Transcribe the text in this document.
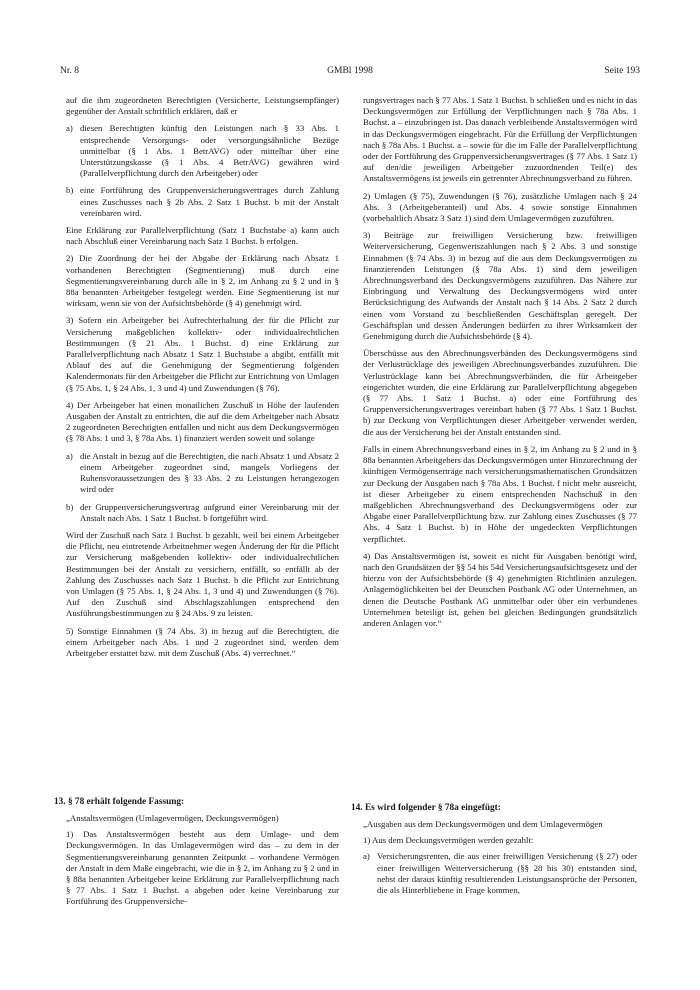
Nr. 8	GMBl 1998	Seite 193

auf die ihm zugeordneten Berechtigten (Versicherte, Leistungsempfänger) gegenüber der Anstalt schriftlich erklären, daß er

a) diesen Berechtigten künftig den Leistungen nach § 33 Abs. 1 entsprechende Versorgungs- oder versorgungsähnliche Bezüge unmittelbar (§ 1 Abs. 1 BetrAVG) oder mittelbar über eine Unterstützungskasse (§ 1 Abs. 4 BetrAVG) gewähren wird (Parallelverpflichtung durch den Arbeitgeber) oder
b) eine Fortführung des Gruppenversicherungsvertrages durch Zahlung eines Zuschusses nach § 2b Abs. 2 Satz 1 Buchst. b mit der Anstalt vereinbaren wird.

Eine Erklärung zur Parallelverpflichtung (Satz 1 Buchstabe a) kann auch nach Abschluß einer Vereinbarung nach Satz 1 Buchst. b erfolgen.

2) Die Zuordnung der bei der Abgabe der Erklärung nach Absatz 1 vorhandenen Berechtigten (Segmentierung) muß durch eine Segmentierungsvereinbarung durch alle in § 2, im Anhang zu § 2 und in § 88a benannten Arbeitgeber festgelegt werden. Eine Segmentierung ist nur wirksam, wenn sie von der Aufsichtsbehörde (§ 4) genehmigt wird.

3) Sofern ein Arbeitgeber bei Aufrechterhaltung der für die Pflicht zur Versicherung maßgeblichen kollektiv- oder individualrechtlichen Bestimmungen (§ 21 Abs. 1 Buchst. d) eine Erklärung zur Parallelverpflichtung nach Absatz 1 Satz 1 Buchstabe a abgibt, entfällt mit Ablauf des auf die Genehmigung der Segmentierung folgenden Kalendermonats für den Arbeitgeber die Pflicht zur Entrichtung von Umlagen (§ 75 Abs. 1, § 24 Abs. 1, 3 und 4) und Zuwendungen (§ 76).

4) Der Arbeitgeber hat einen monatlichen Zuschuß in Höhe der laufenden Ausgaben der Anstalt zu entrichten, die auf die dem Arbeitgeber nach Absatz 2 zugeordneten Berechtigten entfallen und nicht aus dem Deckungsvermögen (§ 78 Abs. 1 und 3, § 78a Abs. 1) finanziert werden soweit und solange

a) die Anstalt in bezug auf die Berechtigten, die nach Absatz 1 und Absatz 2 einem Arbeitgeber zugeordnet sind, mangels Vorliegens der Ruhensvoraussetzungen des § 33 Abs. 2 zu Leistungen herangezogen wird oder
b) der Gruppenversicherungsvertrag aufgrund einer Vereinbarung mit der Anstalt nach Abs. 1 Satz 1 Buchst. b fortgeführt wird.

Wird der Zuschuß nach Satz 1 Buchst. b gezahlt, weil bei einem Arbeitgeber die Pflicht, neu eintretende Arbeitnehmer wegen Änderung der für die Pflicht zur Versicherung maßgebenden kollektiv- oder individualrechtlichen Bestimmungen bei der Anstalt zu versichern, entfällt, so entfällt ab der Zahlung des Zuschusses nach Satz 1 Buchst. b die Pflicht zur Entrichtung von Umlagen (§ 75 Abs. 1, § 24 Abs. 1, 3 und 4) und Zuwendungen (§ 76). Auf den Zuschuß sind Abschlagszahlungen entsprechend den Ausführungsbestimmungen zu § 24 Abs. 9 zu leisten.

5) Sonstige Einnahmen (§ 74 Abs. 3) in bezug auf die Berechtigten, die einem Arbeitgeber nach Abs. 1 und 2 zugeordnet sind, werden dem Arbeitgeber erstattet bzw. mit dem Zuschuß (Abs. 4) verrechnet.“

rungsvertrages nach § 77 Abs. 1 Satz 1 Buchst. b schließen und es nicht in das Deckungsvermögen zur Erfüllung der Verpflichtungen nach § 78a Abs. 1 Buchst. a – einzubringen ist. Das danach verbleibende Anstaltsvermögen wird in das Deckungsvermögen eingebracht. Für die Erfüllung der Verpflichtungen nach § 78a Abs. 1 Buchst. a – sowie für die im Falle der Parallelverpflichtung oder der Fortführung des Gruppenversicherungsvertrages (§ 77 Abs. 1 Satz 1) auf den/die jeweiligen Arbeitgeber zuzuordnenden Teil(e) des Anstaltsvermögens ist jeweils ein getrennter Abrechnungsverband zu führen.

2) Umlagen (§ 75), Zuwendungen (§ 76), zusätzliche Umlagen nach § 24 Abs. 3 (Arbeitgeberanteil) und Abs. 4 sowie sonstige Einnahmen (vorbehaltlich Absatz 3 Satz 1) sind dem Umlagevermögen zuzuführen.

3) Beiträge zur freiwilligen Versicherung bzw. freiwilligen Weiterversicherung, Gegenwertszahlungen nach § 2 Abs. 3 und sonstige Einnahmen (§ 74 Abs. 3) in bezug auf die aus dem Deckungsvermögen zu finanzierenden Leistungen (§ 78a Abs. 1) sind dem jeweiligen Abrechnungsverband des Deckungsvermögens zuzuführen. Das Nähere zur Einbringung und Verwaltung des Deckungsvermögens wird unter Berücksichtigung des Aufwands der Anstalt nach § 14 Abs. 2 Satz 2 durch einen vom Vorstand zu beschließenden Geschäftsplan geregelt. Der Geschäftsplan und dessen Änderungen bedürfen zu ihrer Wirksamkeit der Genehmigung durch die Aufsichtsbehörde (§ 4).

Überschüsse aus den Abrechnungsverbänden des Deckungsvermögens sind der Verlustrücklage des jeweiligen Abrechnungsverbandes zuzuführen. Die Verlustrücklage kann bei Abrechnungsverbänden, die für Arbeitgeber eingerichtet wurden, die eine Erklärung zur Parallelverpflichtung abgegeben (§ 77 Abs. 1 Satz 1 Buchst. a) oder eine Fortführung des Gruppenversicherungsvertrages vereinbart haben (§ 77 Abs. 1 Satz 1 Buchst. b) zur Deckung von Verpflichtungen dieser Arbeitgeber verwendet werden, die aus der Versicherung bei der Anstalt entstanden sind.

Falls in einem Abrechnungsverband eines in § 2, im Anhang zu § 2 und in § 88a benannten Arbeitgebers das Deckungsvermögen unter Hinzurechnung der künftigen Vermögenserträge nach versicherungsmathematischen Grundsätzen zur Deckung der Ausgaben nach § 78a Abs. 1 Buchst. f nicht mehr ausreicht, ist dieser Arbeitgeber zu einem entsprechenden Nachschuß in den maßgeblichen Abrechnungsverband des Deckungsvermögens oder zur Abgabe einer Parallelverpflichtung bzw. zur Zahlung eines Zuschusses (§ 77 Abs. 4 Satz 1 Buchst. b) in Höhe der ungedeckten Verpflichtungen verpflichtet.

4) Das Anstaltsvermögen ist, soweit es nicht für Ausgaben benötigt wird, nach den Grundsätzen der §§ 54 bis 54d Versicherungsaufsichtsgesetz und der hierzu von der Aufsichtsbehörde (§ 4) genehmigten Richtlinien anzulegen. Anlagemöglichkeiten bei der Deutschen Postbank AG oder Unternehmen, an denen die Deutsche Postbank AG unmittelbar oder über ein verbundenes Unternehmen beteiligt ist, gehen bei gleichen Bedingungen grundsätzlich anderen Anlagen vor.“

13. § 78 erhält folgende Fassung:

„Anstaltsvermögen (Umlagevermögen, Deckungsvermögen)

1) Das Anstaltsvermögen besteht aus dem Umlage- und dem Deckungsvermögen. In das Umlagevermögen wird das – zu dem in der Segmentierungsvereinbarung genannten Zeitpunkt – vorhandene Vermögen der Anstalt in dem Maße eingebracht, wie die in § 2, im Anhang zu § 2 und in § 88a benannten Arbeitgeber keine Erklärung zur Parallelverpflichtung nach § 77 Abs. 1 Satz 1 Buchst. a abgeben oder keine Vereinbarung zur Fortführung des Gruppenversiche-

14. Es wird folgender § 78a eingefügt:

„Ausgaben aus dem Deckungsvermögen und dem Umlagevermögen

1) Aus dem Deckungsvermögen werden gezahlt:

a) Versicherungsrenten, die aus einer freiwilligen Versicherung (§ 27) oder einer freiwilligen Weiterversicherung (§§ 28 bis 30) entstanden sind, nebst der daraus künftig resultierenden Leistungsansprüche der Personen, die als Hinterbliebene in Frage kommen,
